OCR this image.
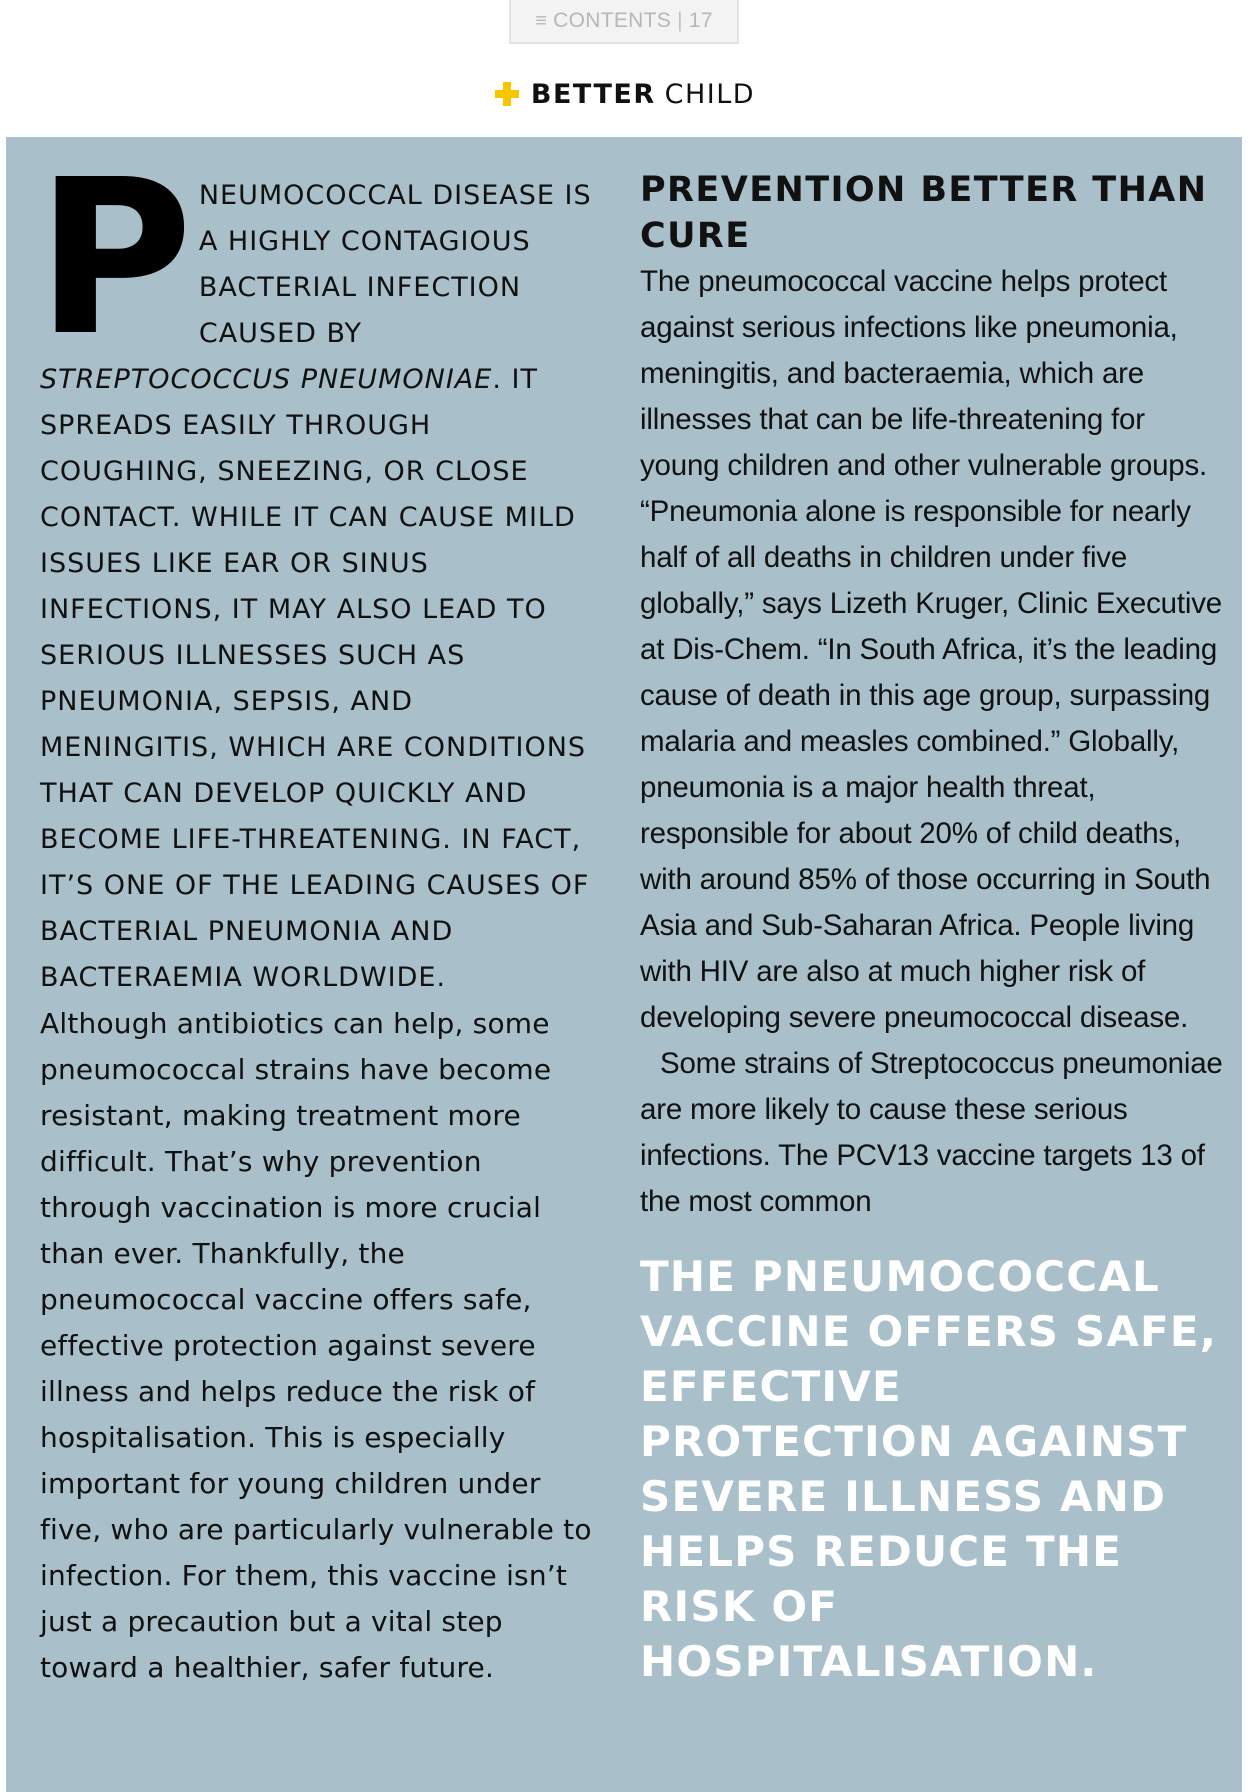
≡ CONTENTS | 17
BETTER CHILD
PNEUMOCOCCAL DISEASE IS A HIGHLY CONTAGIOUS BACTERIAL INFECTION CAUSED BY STREPTOCOCCUS PNEUMONIAE. IT SPREADS EASILY THROUGH COUGHING, SNEEZING, OR CLOSE CONTACT. WHILE IT CAN CAUSE MILD ISSUES LIKE EAR OR SINUS INFECTIONS, IT MAY ALSO LEAD TO SERIOUS ILLNESSES SUCH AS PNEUMONIA, SEPSIS, AND MENINGITIS, WHICH ARE CONDITIONS THAT CAN DEVELOP QUICKLY AND BECOME LIFE-THREATENING. IN FACT, IT’S ONE OF THE LEADING CAUSES OF BACTERIAL PNEUMONIA AND BACTERAEMIA WORLDWIDE.
Although antibiotics can help, some pneumococcal strains have become resistant, making treatment more difficult. That’s why prevention through vaccination is more crucial than ever. Thankfully, the pneumococcal vaccine offers safe, effective protection against severe illness and helps reduce the risk of hospitalisation. This is especially important for young children under five, who are particularly vulnerable to infection. For them, this vaccine isn’t just a precaution but a vital step toward a healthier, safer future.
PREVENTION BETTER THAN CURE

The pneumococcal vaccine helps protect against serious infections like pneumonia, meningitis, and bacteraemia, which are illnesses that can be life-threatening for young children and other vulnerable groups. “Pneumonia alone is responsible for nearly half of all deaths in children under five globally,” says Lizeth Kruger, Clinic Executive at Dis-Chem. “In South Africa, it’s the leading cause of death in this age group, surpassing malaria and measles combined.” Globally, pneumonia is a major health threat, responsible for about 20% of child deaths, with around 85% of those occurring in South Asia and Sub-Saharan Africa. People living with HIV are also at much higher risk of developing severe pneumococcal disease.

Some strains of Streptococcus pneumoniae are more likely to cause these serious infections. The PCV13 vaccine targets 13 of the most common

THE PNEUMOCOCCAL VACCINE OFFERS SAFE, EFFECTIVE PROTECTION AGAINST SEVERE ILLNESS AND HELPS REDUCE THE RISK OF HOSPITALISATION.
